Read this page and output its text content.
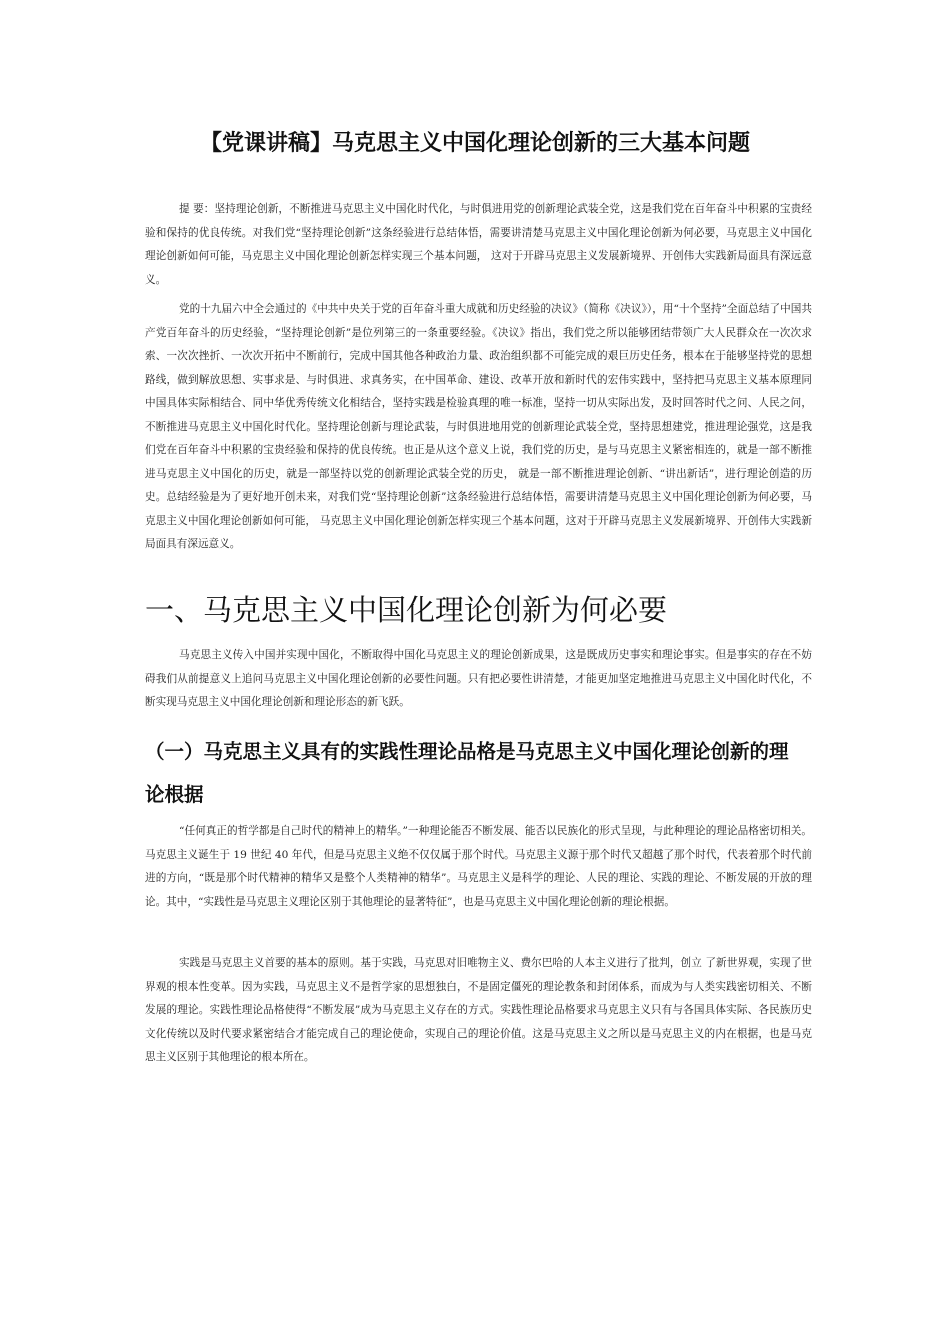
【党课讲稿】马克思主义中国化理论创新的三大基本问题

提 要：坚持理论创新，不断推进马克思主义中国化时代化，与时俱进用党的创新理论武装全党，这是我们党在百年奋斗中积累的宝贵经验和保持的优良传统。对我们党“坚持理论创新”这条经验进行总结体悟，需要讲清楚马克思主义中国化理论创新为何必要，马克思主义中国化理论创新如何可能，马克思主义中国化理论创新怎样实现三个基本问题， 这对于开辟马克思主义发展新境界、开创伟大实践新局面具有深远意义。

党的十九届六中全会通过的《中共中央关于党的百年奋斗重大成就和历史经验的决议》（简称《决议》），用“十个坚持”全面总结了中国共产党百年奋斗的历史经验，“坚持理论创新”是位列第三的一条重要经验。《决议》指出，我们党之所以能够团结带领广大人民群众在一次次求索、一次次挫折、一次次开拓中不断前行，完成中国其他各种政治力量、政治组织都不可能完成的艰巨历史任务，根本在于能够坚持党的思想路线，做到解放思想、实事求是、与时俱进、求真务实，在中国革命、建设、改革开放和新时代的宏伟实践中，坚持把马克思主义基本原理同中国具体实际相结合、同中华优秀传统文化相结合，坚持实践是检验真理的唯一标准，坚持一切从实际出发，及时回答时代之问、人民之问，不断推进马克思主义中国化时代化。坚持理论创新与理论武装，与时俱进地用党的创新理论武装全党，坚持思想建党，推进理论强党，这是我们党在百年奋斗中积累的宝贵经验和保持的优良传统。也正是从这个意义上说，我们党的历史，是与马克思主义紧密相连的，就是一部不断推进马克思主义中国化的历史，就是一部坚持以党的创新理论武装全党的历史， 就是一部不断推进理论创新、“讲出新话”，进行理论创造的历史。总结经验是为了更好地开创未来，对我们党“坚持理论创新”这条经验进行总结体悟，需要讲清楚马克思主义中国化理论创新为何必要，马克思主义中国化理论创新如何可能， 马克思主义中国化理论创新怎样实现三个基本问题，这对于开辟马克思主义发展新境界、开创伟大实践新局面具有深远意义。

一、马克思主义中国化理论创新为何必要

马克思主义传入中国并实现中国化，不断取得中国化马克思主义的理论创新成果，这是既成历史事实和理论事实。但是事实的存在不妨碍我们从前提意义上追问马克思主义中国化理论创新的必要性问题。只有把必要性讲清楚，才能更加坚定地推进马克思主义中国化时代化，不断实现马克思主义中国化理论创新和理论形态的新飞跃。

（一）马克思主义具有的实践性理论品格是马克思主义中国化理论创新的理论根据

“任何真正的哲学都是自己时代的精神上的精华。”一种理论能否不断发展、能否以民族化的形式呈现，与此种理论的理论品格密切相关。马克思主义诞生于 19 世纪 40 年代，但是马克思主义绝不仅仅属于那个时代。马克思主义源于那个时代又超越了那个时代，代表着那个时代前进的方向，“既是那个时代精神的精华又是整个人类精神的精华”。马克思主义是科学的理论、人民的理论、实践的理论、不断发展的开放的理论。其中，“实践性是马克思主义理论区别于其他理论的显著特征”，也是马克思主义中国化理论创新的理论根据。

实践是马克思主义首要的基本的原则。基于实践，马克思对旧唯物主义、费尔巴哈的人本主义进行了批判，创立 了新世界观，实现了世界观的根本性变革。因为实践，马克思主义不是哲学家的思想独白，不是固定僵死的理论教条和封闭体系，而成为与人类实践密切相关、不断发展的理论。实践性理论品格使得“不断发展”成为马克思主义存在的方式。实践性理论品格要求马克思主义只有与各国具体实际、各民族历史文化传统以及时代要求紧密结合才能完成自己的理论使命，实现自己的理论价值。这是马克思主义之所以是马克思主义的内在根据，也是马克思主义区别于其他理论的根本所在。
